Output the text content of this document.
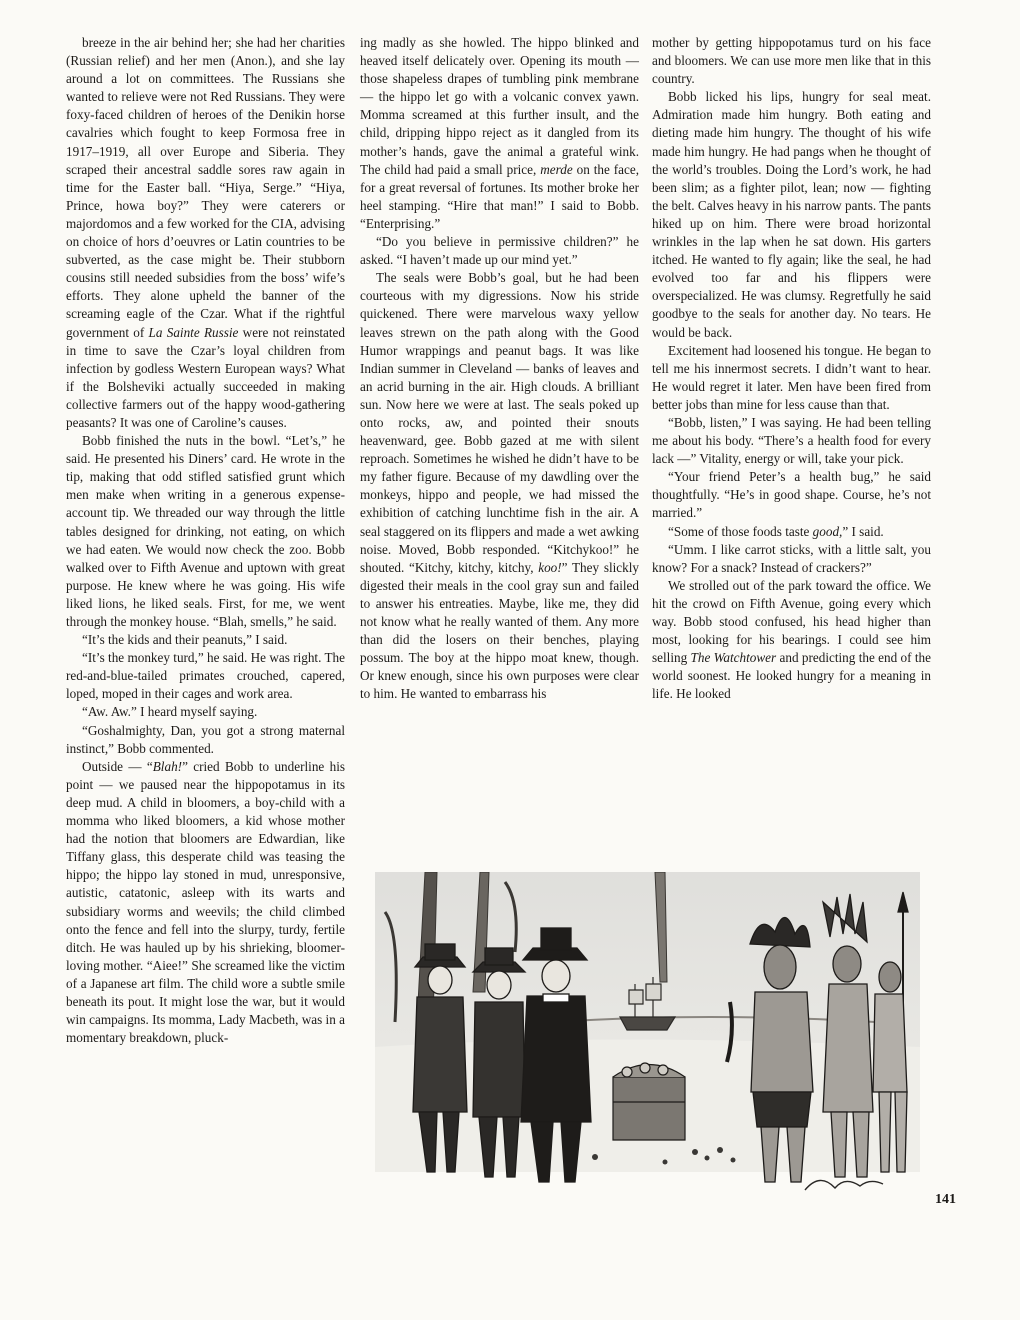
breeze in the air behind her; she had her charities (Russian relief) and her men (Anon.), and she lay around a lot on committees. The Russians she wanted to relieve were not Red Russians. They were foxy-faced children of heroes of the Denikin horse cavalries which fought to keep Formosa free in 1917–1919, all over Europe and Siberia. They scraped their ancestral saddle sores raw again in time for the Easter ball. “Hiya, Serge.” “Hiya, Prince, howa boy?” They were caterers or majordomos and a few worked for the CIA, advising on choice of hors d’oeuvres or Latin countries to be subverted, as the case might be. Their stubborn cousins still needed subsidies from the boss’ wife’s efforts. They alone upheld the banner of the screaming eagle of the Czar. What if the rightful government of La Sainte Russie were not reinstated in time to save the Czar’s loyal children from infection by godless Western European ways? What if the Bolsheviki actually succeeded in making collective farmers out of the happy wood-gathering peasants? It was one of Caroline’s causes.

Bobb finished the nuts in the bowl. “Let’s,” he said. He presented his Diners’ card. He wrote in the tip, making that odd stifled satisfied grunt which men make when writing in a generous expense-account tip. We threaded our way through the little tables designed for drinking, not eating, on which we had eaten. We would now check the zoo. Bobb walked over to Fifth Avenue and uptown with great purpose. He knew where he was going. His wife liked lions, he liked seals. First, for me, we went through the monkey house. “Blah, smells,” he said.

“It’s the kids and their peanuts,” I said.

“It’s the monkey turd,” he said. He was right. The red-and-blue-tailed primates crouched, capered, loped, moped in their cages and work area.

“Aw. Aw.” I heard myself saying.

“Goshalmighty, Dan, you got a strong maternal instinct,” Bobb commented.

Outside — “Blah!” cried Bobb to underline his point — we paused near the hippopotamus in its deep mud. A child in bloomers, a boy-child with a momma who liked bloomers, a kid whose mother had the notion that bloomers are Edwardian, like Tiffany glass, this desperate child was teasing the hippo; the hippo lay stoned in mud, unresponsive, autistic, catatonic, asleep with its warts and subsidiary worms and weevils; the child climbed onto the fence and fell into the slurpy, turdy, fertile ditch. He was hauled up by his shrieking, bloomer-loving mother. “Aiee!” She screamed like the victim of a Japanese art film. The child wore a subtle smile beneath its pout. It might lose the war, but it would win campaigns. Its momma, Lady Macbeth, was in a momentary breakdown, pluck-

ing madly as she howled. The hippo blinked and heaved itself delicately over. Opening its mouth — those shapeless drapes of tumbling pink membrane — the hippo let go with a volcanic convex yawn. Momma screamed at this further insult, and the child, dripping hippo reject as it dangled from its mother’s hands, gave the animal a grateful wink. The child had paid a small price, merde on the face, for a great reversal of fortunes. Its mother broke her heel stamping. “Hire that man!” I said to Bobb. “Enterprising.”

“Do you believe in permissive children?” he asked. “I haven’t made up our mind yet.”

The seals were Bobb’s goal, but he had been courteous with my digressions. Now his stride quickened. There were marvelous waxy yellow leaves strewn on the path along with the Good Humor wrappings and peanut bags. It was like Indian summer in Cleveland — banks of leaves and an acrid burning in the air. High clouds. A brilliant sun. Now here we were at last. The seals poked up onto rocks, aw, and pointed their snouts heavenward, gee. Bobb gazed at me with silent reproach. Sometimes he wished he didn’t have to be my father figure. Because of my dawdling over the monkeys, hippo and people, we had missed the exhibition of catching lunchtime fish in the air. A seal staggered on its flippers and made a wet awking noise. Moved, Bobb responded. “Kitchykoo!” he shouted. “Kitchy, kitchy, kitchy, koo!” They slickly digested their meals in the cool gray sun and failed to answer his entreaties. Maybe, like me, they did not know what he really wanted of them. Any more than did the losers on their benches, playing possum. The boy at the hippo moat knew, though. Or knew enough, since his own purposes were clear to him. He wanted to embarrass his

mother by getting hippopotamus turd on his face and bloomers. We can use more men like that in this country.

Bobb licked his lips, hungry for seal meat. Admiration made him hungry. Both eating and dieting made him hungry. The thought of his wife made him hungry. He had pangs when he thought of the world’s troubles. Doing the Lord’s work, he had been slim; as a fighter pilot, lean; now — fighting the belt. Calves heavy in his narrow pants. The pants hiked up on him. There were broad horizontal wrinkles in the lap when he sat down. His garters itched. He wanted to fly again; like the seal, he had evolved too far and his flippers were overspecialized. He was clumsy. Regretfully he said goodbye to the seals for another day. No tears. He would be back.

Excitement had loosened his tongue. He began to tell me his innermost secrets. I didn’t want to hear. He would regret it later. Men have been fired from better jobs than mine for less cause than that.

“Bobb, listen,” I was saying. He had been telling me about his body. “There’s a health food for every lack —” Vitality, energy or will, take your pick.

“Your friend Peter’s a health bug,” he said thoughtfully. “He’s in good shape. Course, he’s not married.”

“Some of those foods taste good,” I said.

“Umm. I like carrot sticks, with a little salt, you know? For a snack? Instead of crackers?”

We strolled out of the park toward the office. We hit the crowd on Fifth Avenue, going every which way. Bobb stood confused, his head higher than most, looking for his bearings. I could see him selling The Watchtower and predicting the end of the world soonest. He looked hungry for a meaning in life. He looked

141
